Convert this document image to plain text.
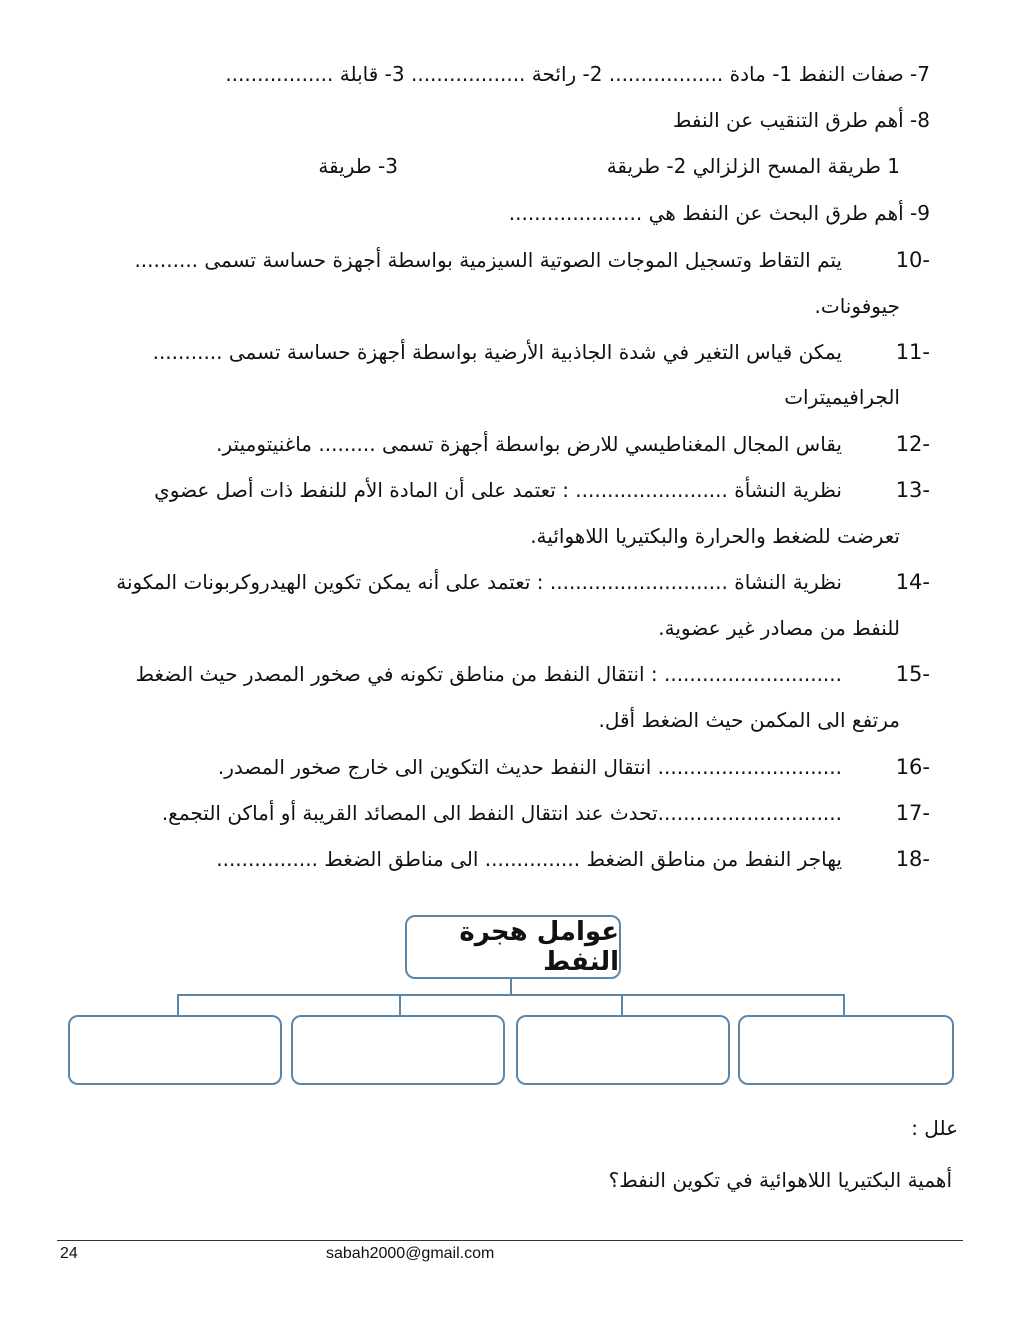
7- صفات النفط 1- مادة .................. 2- رائحة .................. 3- قابلة .................
8- أهم طرق التنقيب عن النفط
1 طريقة المسح الزلزالي 2- طريقة
3- طريقة
9- أهم طرق البحث عن النفط هي .....................
-10
يتم التقاط وتسجيل الموجات الصوتية السيزمية بواسطة أجهزة حساسة تسمى ..........
جيوفونات.
-11
يمكن قياس التغير في شدة الجاذبية الأرضية بواسطة أجهزة حساسة تسمى ...........
الجرافيميترات
-12
يقاس المجال المغناطيسي للارض بواسطة أجهزة تسمى ......... ماغنيتوميتر.
-13
نظرية النشأة ........................ : تعتمد على أن المادة الأم للنفط ذات أصل عضوي
تعرضت للضغط والحرارة والبكتيريا اللاهوائية.
-14
نظرية النشاة ............................ : تعتمد على أنه يمكن تكوين الهيدروكربونات المكونة
للنفط من مصادر غير عضوية.
-15
............................ : انتقال النفط من مناطق تكونه في صخور المصدر حيث الضغط
مرتفع الى المكمن حيث الضغط أقل.
-16
............................. انتقال النفط حديث التكوين الى خارج صخور المصدر.
-17
.............................تحدث عند انتقال النفط الى المصائد القريبة أو أماكن التجمع.
-18
يهاجر النفط من مناطق الضغط ............... الى مناطق الضغط ................
عوامل هجرة النفط
علل :
أهمية البكتيريا اللاهوائية في تكوين النفط؟
24	sabah2000@gmail.com
